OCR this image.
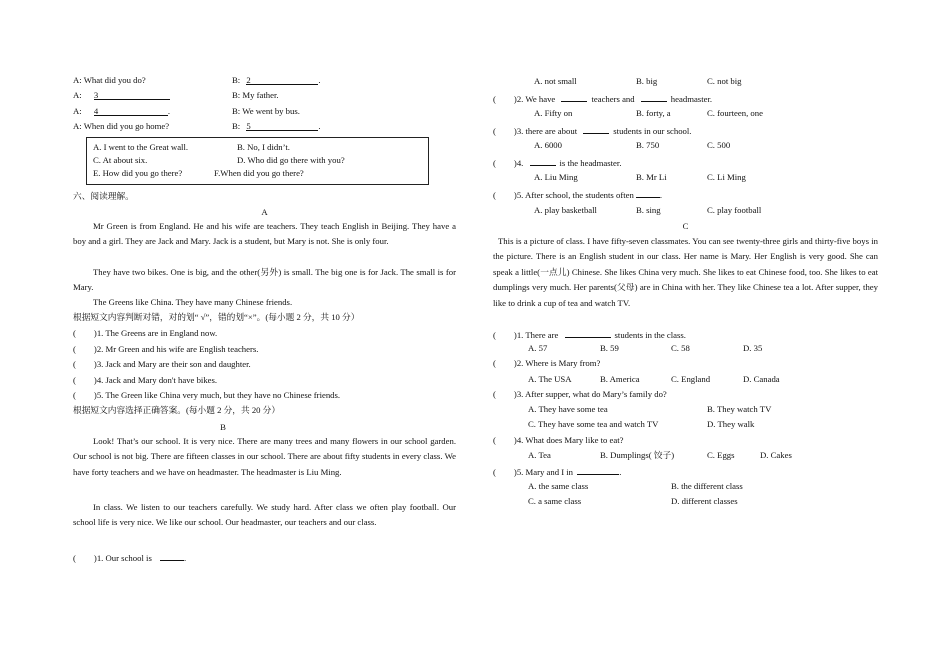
A: What did you do?	B: 2	.
A: 3	B: My father.
A: 4	.	B: We went by bus.
A: When did you go home?	B: 5	.
A. I went to the Great wall.	B. No, I didn’t.
C. At about six.	D. Who did go there with you?
E. How did you go there?	F.When did you go there?
六、阅读理解。
A
Mr Green is from England. He and his wife are teachers. They teach English in Beijing. They have a boy and a girl. They are Jack and Mary. Jack is a student, but Mary is not. She is only four.
They have two bikes. One is big, and the other(另外) is small. The big one is for Jack. The small is for Mary.
The Greens like China. They have many Chinese friends.
根据短文内容判断对错，对的划“ √”，错的划“×”。(每小题 2 分，共 10 分）
( )1. The Greens are in England now.
( )2. Mr Green and his wife are English teachers.
( )3. Jack and Mary are their son and daughter.
( )4. Jack and Mary don't have bikes.
( )5. The Green like China very much, but they have no Chinese friends.
根据短文内容选择正确答案。(每小题 2 分，共 20 分）
B
Look! That’s our school. It is very nice. There are many trees and many flowers in our school garden. Our school is not big. There are fifteen classes in our school. There are about fifty students in every class. We have forty teachers and we have on headmaster. The headmaster is Liu Ming.
In class. We listen to our teachers carefully. We study hard. After class we often play football. Our school life is very nice. We like our school. Our headmaster, our teachers and our class.
( )1. Our school is	.
A. not small	B. big	C. not big
( )2. We have	teachers and	headmaster.
A. Fifty on	B. forty, a	C. fourteen, one
( )3. there are about	students in our school.
A. 6000	B. 750	C. 500
( )4.	is the headmaster.
A. Liu Ming	B. Mr Li	C. Li Ming
( )5. After school, the students often	.
A. play basketball	B. sing	C. play football
C
This is a picture of class. I have fifty-seven classmates. You can see twenty-three girls and thirty-five boys in the picture. There is an English student in our class. Her name is Mary. Her English is very good. She can speak a little(一点儿) Chinese. She likes China very much. She likes to eat Chinese food, too. She likes to eat dumplings very much. Her parents(父母) are in China with her. They like Chinese tea a lot. After supper, they like to drink a cup of tea and watch TV.
( )1. There are	students in the class.
A. 57	B. 59	C. 58	D. 35
( )2. Where is Mary from?
A. The USA	B. America	C. England	D. Canada
( )3. After supper, what do Mary’s family do?
A. They have some tea	B. They watch TV
C. They have some tea and watch TV	D. They walk
( )4. What does Mary like to eat?
A. Tea	B. Dumplings( 饺子)	C. Eggs	D. Cakes
( )5. Mary and I in	.
A. the same class	B. the different class
C. a same class	D. different classes
